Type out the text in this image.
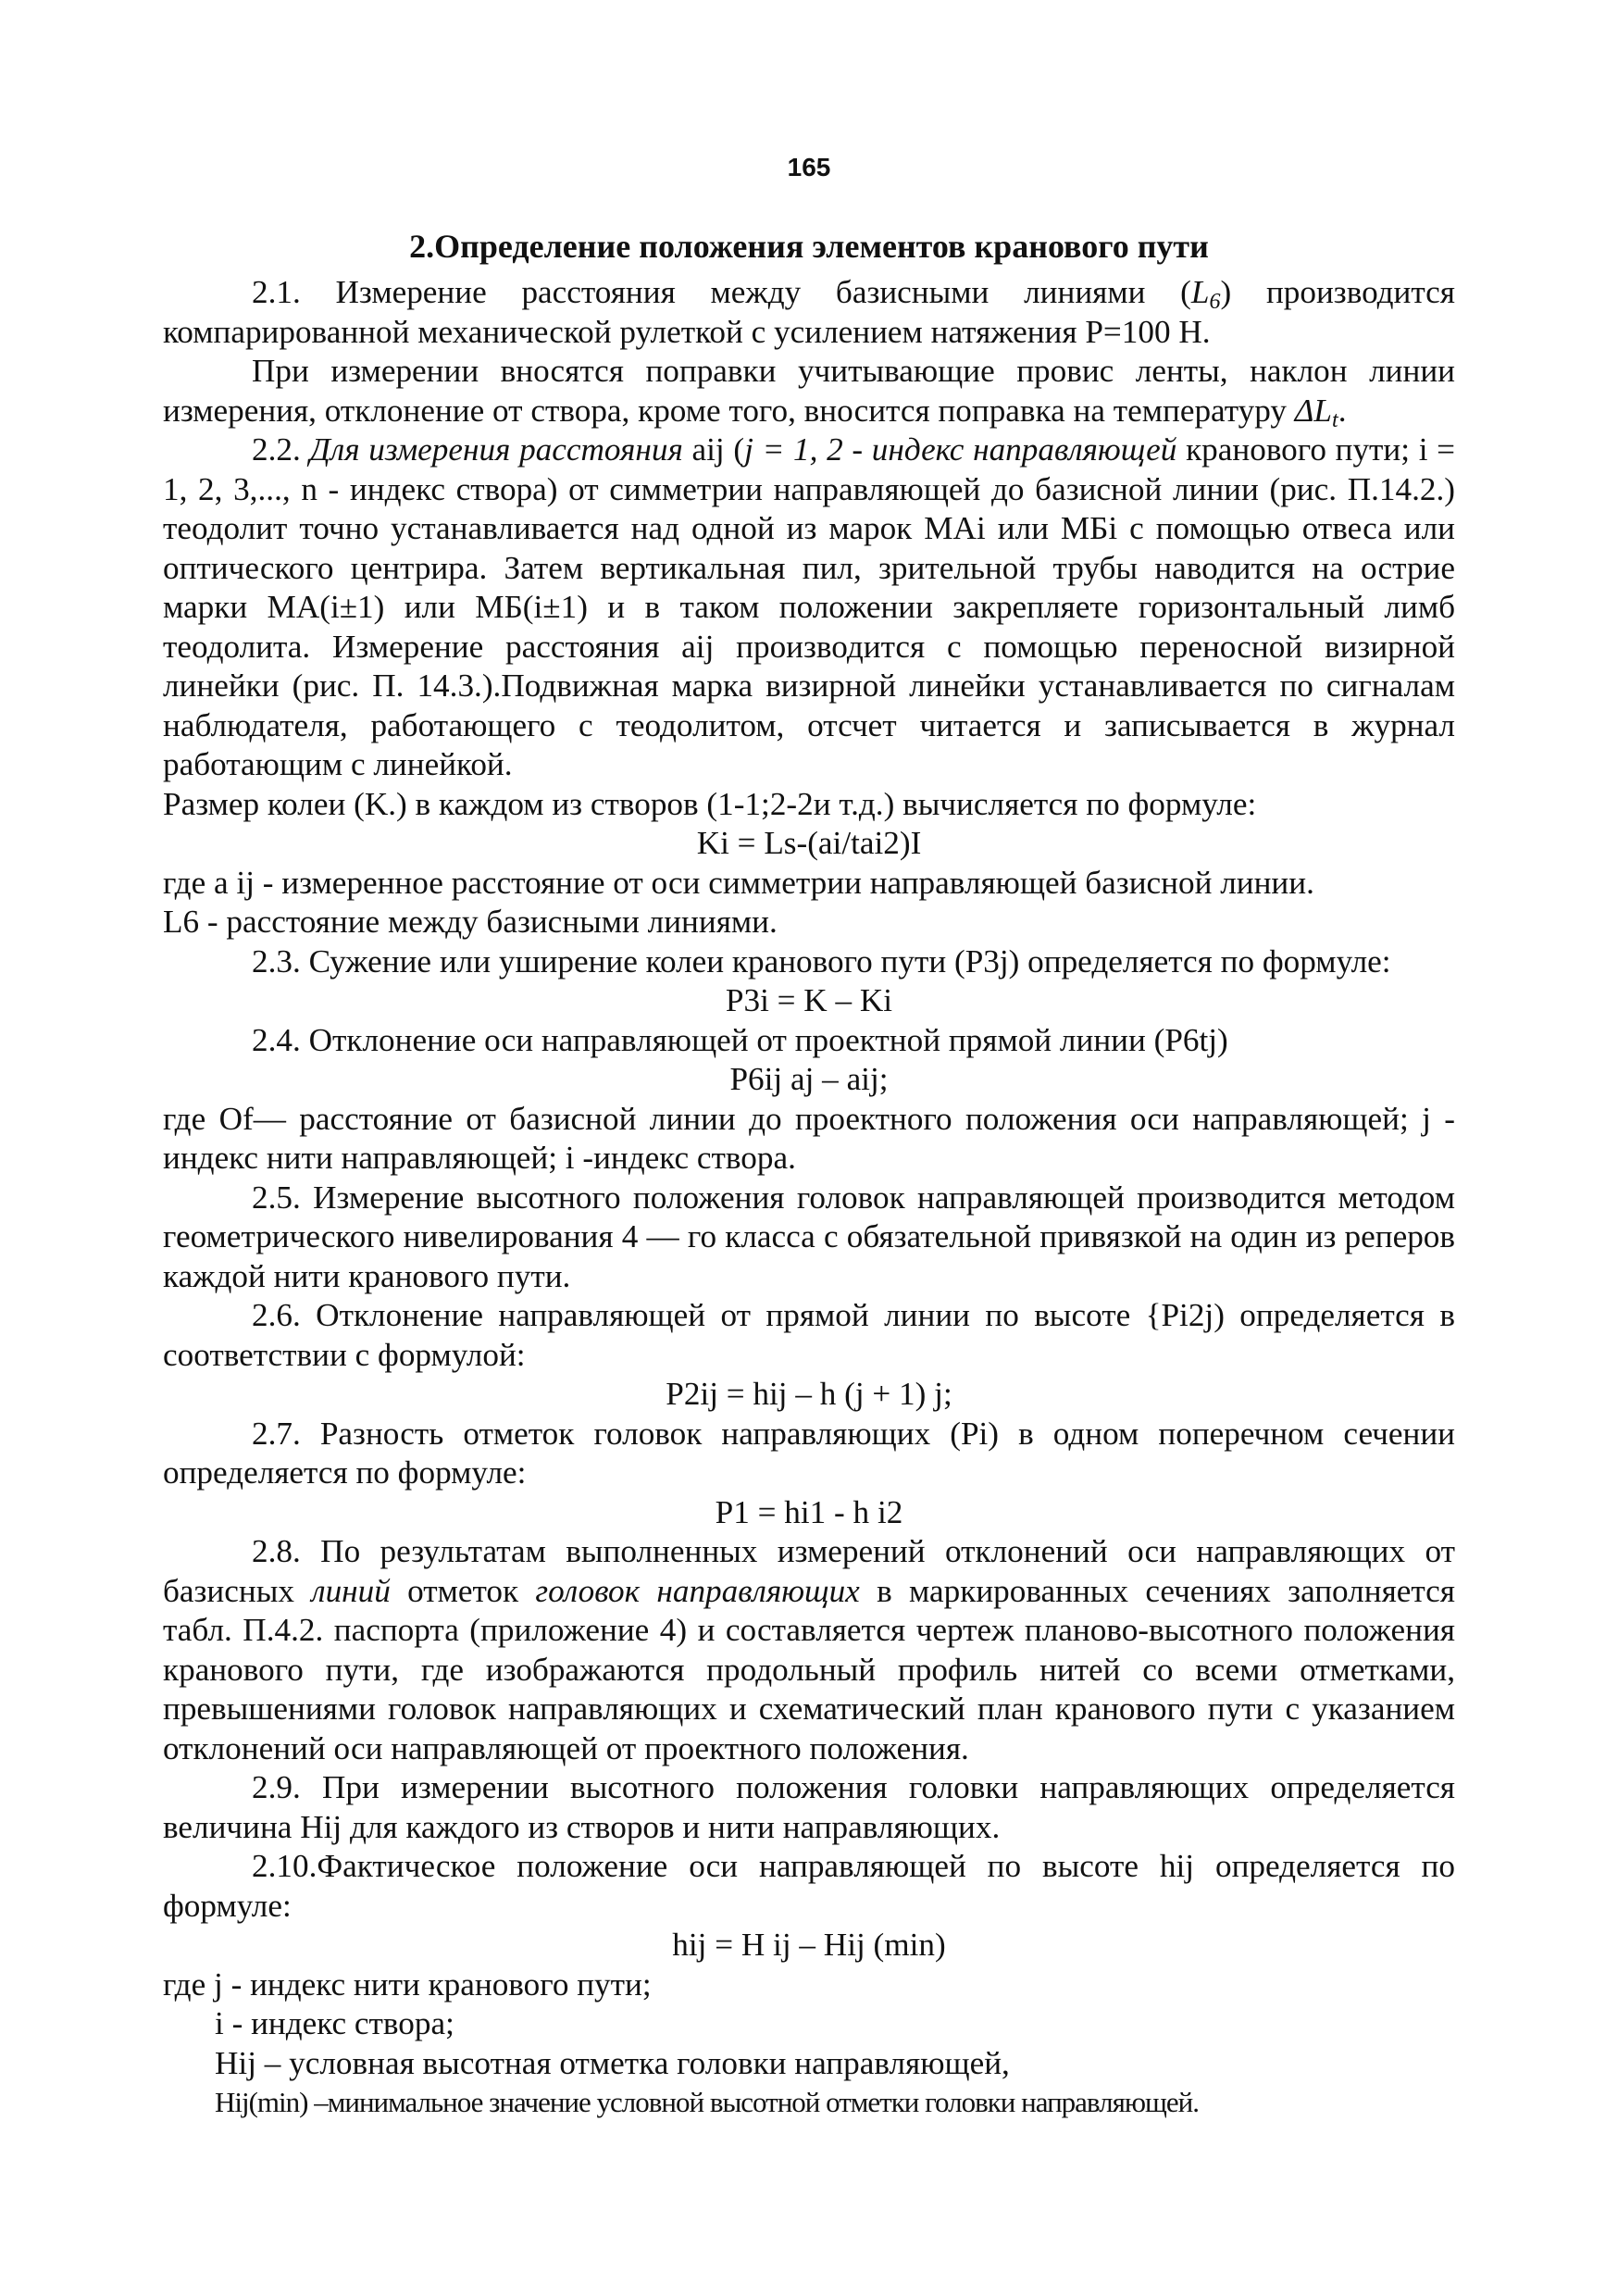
165
2.Определение положения элементов кранового пути

2.1. Измерение расстояния между базисными линиями $(L_6)$ производится компарированной механической рулеткой с усилением натяжения P=100 Н.

При измерении вносятся поправки учитывающие провис ленты, наклон линии измерения, отклонение от створа, кроме того, вносится поправка на температуру $\Delta L_t$.

2.2. Для измерения расстояния aij (j = 1, 2 - индекс направляющей кранового пути; i = 1, 2, 3,..., n - индекс створа) от симметрии направляющей до базисной линии (рис. П.14.2.) теодолит точно устанавливается над одной из марок MAi или МБi с помощью отвеса или оптического центрира. Затем вертикальная пил, зрительной трубы наводится на острие марки МА(i±1) или МБ(i±1) и в таком положении закрепляете горизонтальный лимб теодолита. Измерение расстояния aij производится с помощью переносной визирной линейки (рис. П. 14.3.).Подвижная марка визирной линейки устанавливается по сигналам наблюдателя, работающего с теодолитом, отсчет читается и записывается в журнал работающим с линейкой.

Размер колеи (K.) в каждом из створов (1-1;2-2и т.д.) вычисляется по формуле:

Ki = Ls-(ai/tai2)I

где a ij - измеренное расстояние от оси симметрии направляющей базисной линии.

L6 - расстояние между базисными линиями.

2.3. Сужение или уширение колеи кранового пути (P3j) определяется по формуле:

P3i = K – Ki

2.4. Отклонение оси направляющей от проектной прямой линии (P6tj)

P6ij aj – aij;

где Of— расстояние от базисной линии до проектного положения оси направляющей; j - индекс нити направляющей; i -индекс створа.

2.5. Измерение высотного положения головок направляющей производится методом геометрического нивелирования 4 — го класса с обязательной привязкой на один из реперов каждой нити кранового пути.

2.6. Отклонение направляющей от прямой линии по высоте {Pi2j) определяется в соответствии с формулой:

P2ij = hij – h (j + 1) j;

2.7. Разность отметок головок направляющих (Pi) в одном поперечном сечении определяется по формуле:

P1 = hi1 - h i2

2.8. По результатам выполненных измерений отклонений оси направляющих от базисных линий отметок головок направляющих в маркированных сечениях заполняется табл. П.4.2. паспорта (приложение 4) и составляется чертеж планово-высотного положения кранового пути, где изображаются продольный профиль нитей со всеми отметками, превышениями головок направляющих и схематический план кранового пути с указанием отклонений оси направляющей от проектного положения.

2.9. При измерении высотного положения головки направляющих определяется величина Hij для каждого из створов и нити направляющих.

2.10.Фактическое положение оси направляющей по высоте hij определяется по формуле:

hij = H ij – Hij (min)

где j - индекс нити кранового пути;

i - индекс створа;

Hij – условная высотная отметка головки направляющей,

Hij(min) –минимальное значение условной высотной отметки головки направляющей.
